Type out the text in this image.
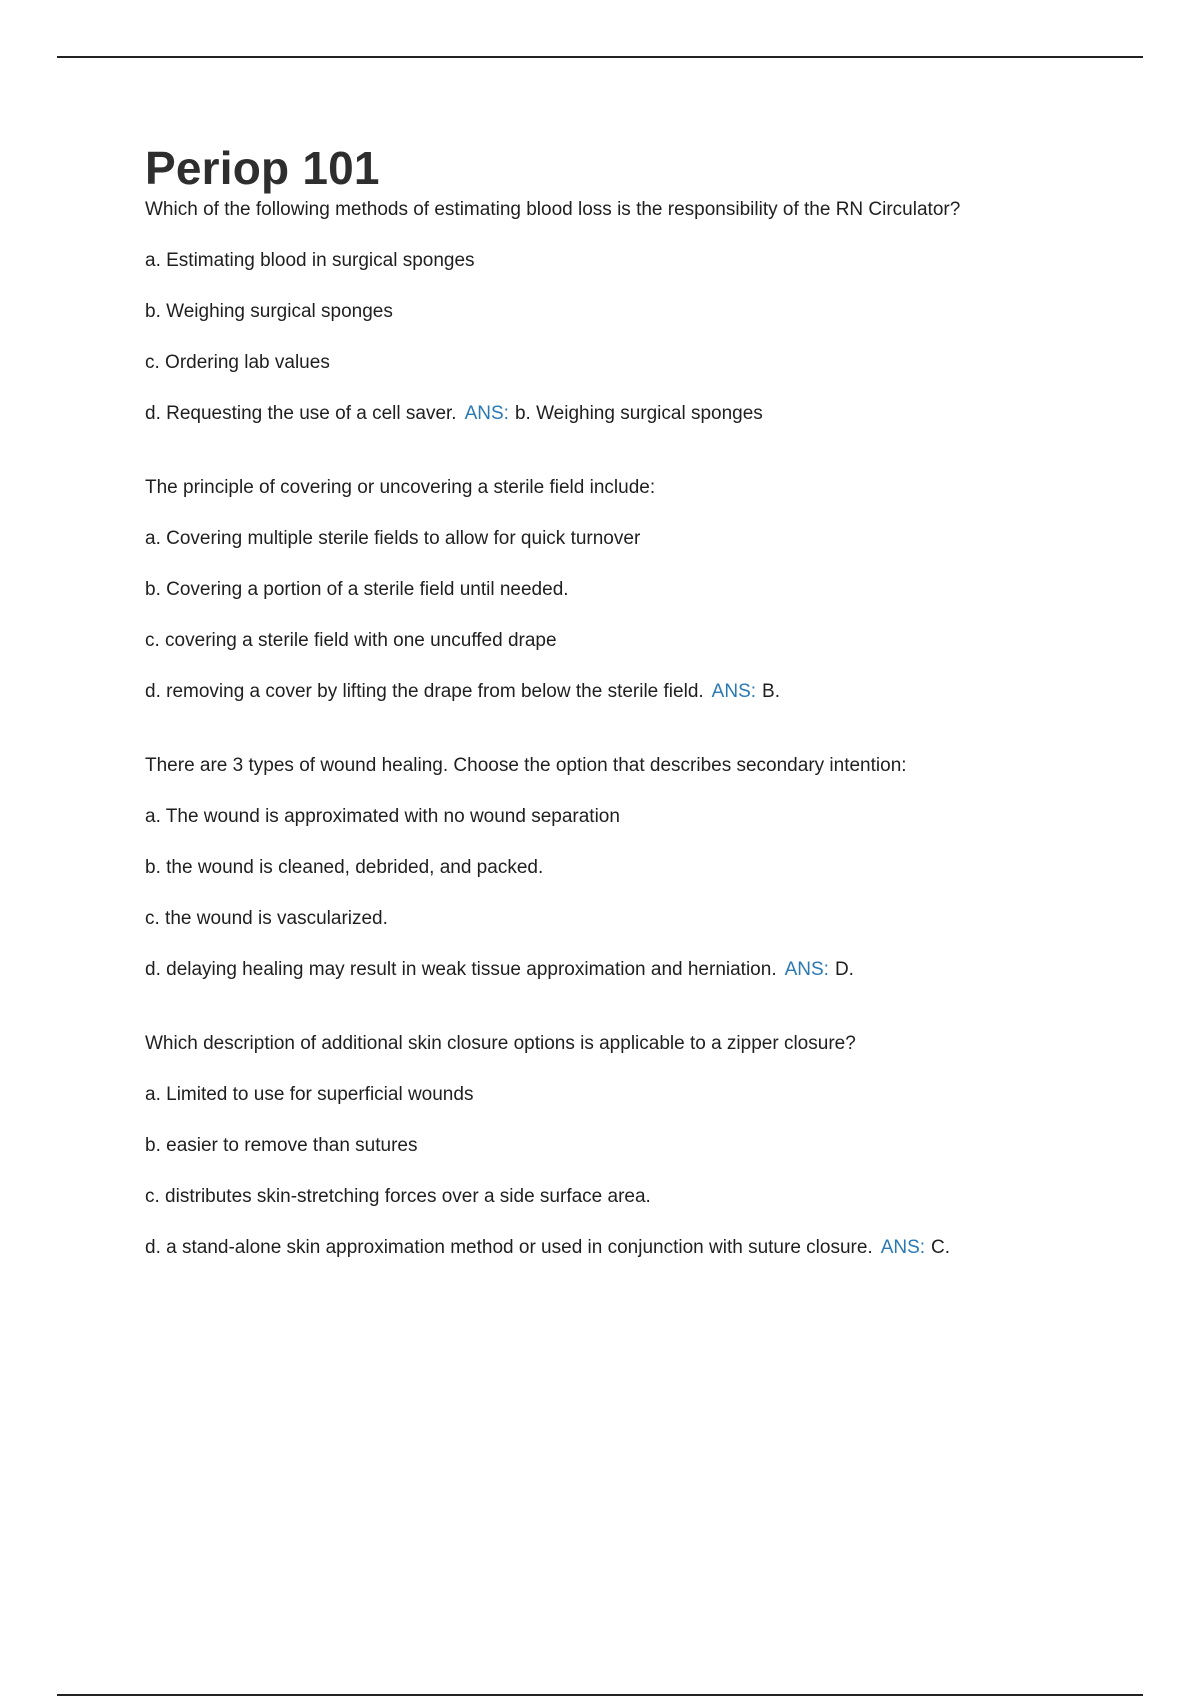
Periop 101
Which of the following methods of estimating blood loss is the responsibility of the RN Circulator?
a. Estimating blood in surgical sponges
b. Weighing surgical sponges
c. Ordering lab values
d. Requesting the use of a cell saver. ANS: b. Weighing surgical sponges
The principle of covering or uncovering a sterile field include:
a. Covering multiple sterile fields to allow for quick turnover
b. Covering a portion of a sterile field until needed.
c. covering a sterile field with one uncuffed drape
d. removing a cover by lifting the drape from below the sterile field. ANS: B.
There are 3 types of wound healing. Choose the option that describes secondary intention:
a. The wound is approximated with no wound separation
b. the wound is cleaned, debrided, and packed.
c. the wound is vascularized.
d. delaying healing may result in weak tissue approximation and herniation. ANS: D.
Which description of additional skin closure options is applicable to a zipper closure?
a. Limited to use for superficial wounds
b. easier to remove than sutures
c. distributes skin-stretching forces over a side surface area.
d. a stand-alone skin approximation method or used in conjunction with suture closure. ANS: C.
